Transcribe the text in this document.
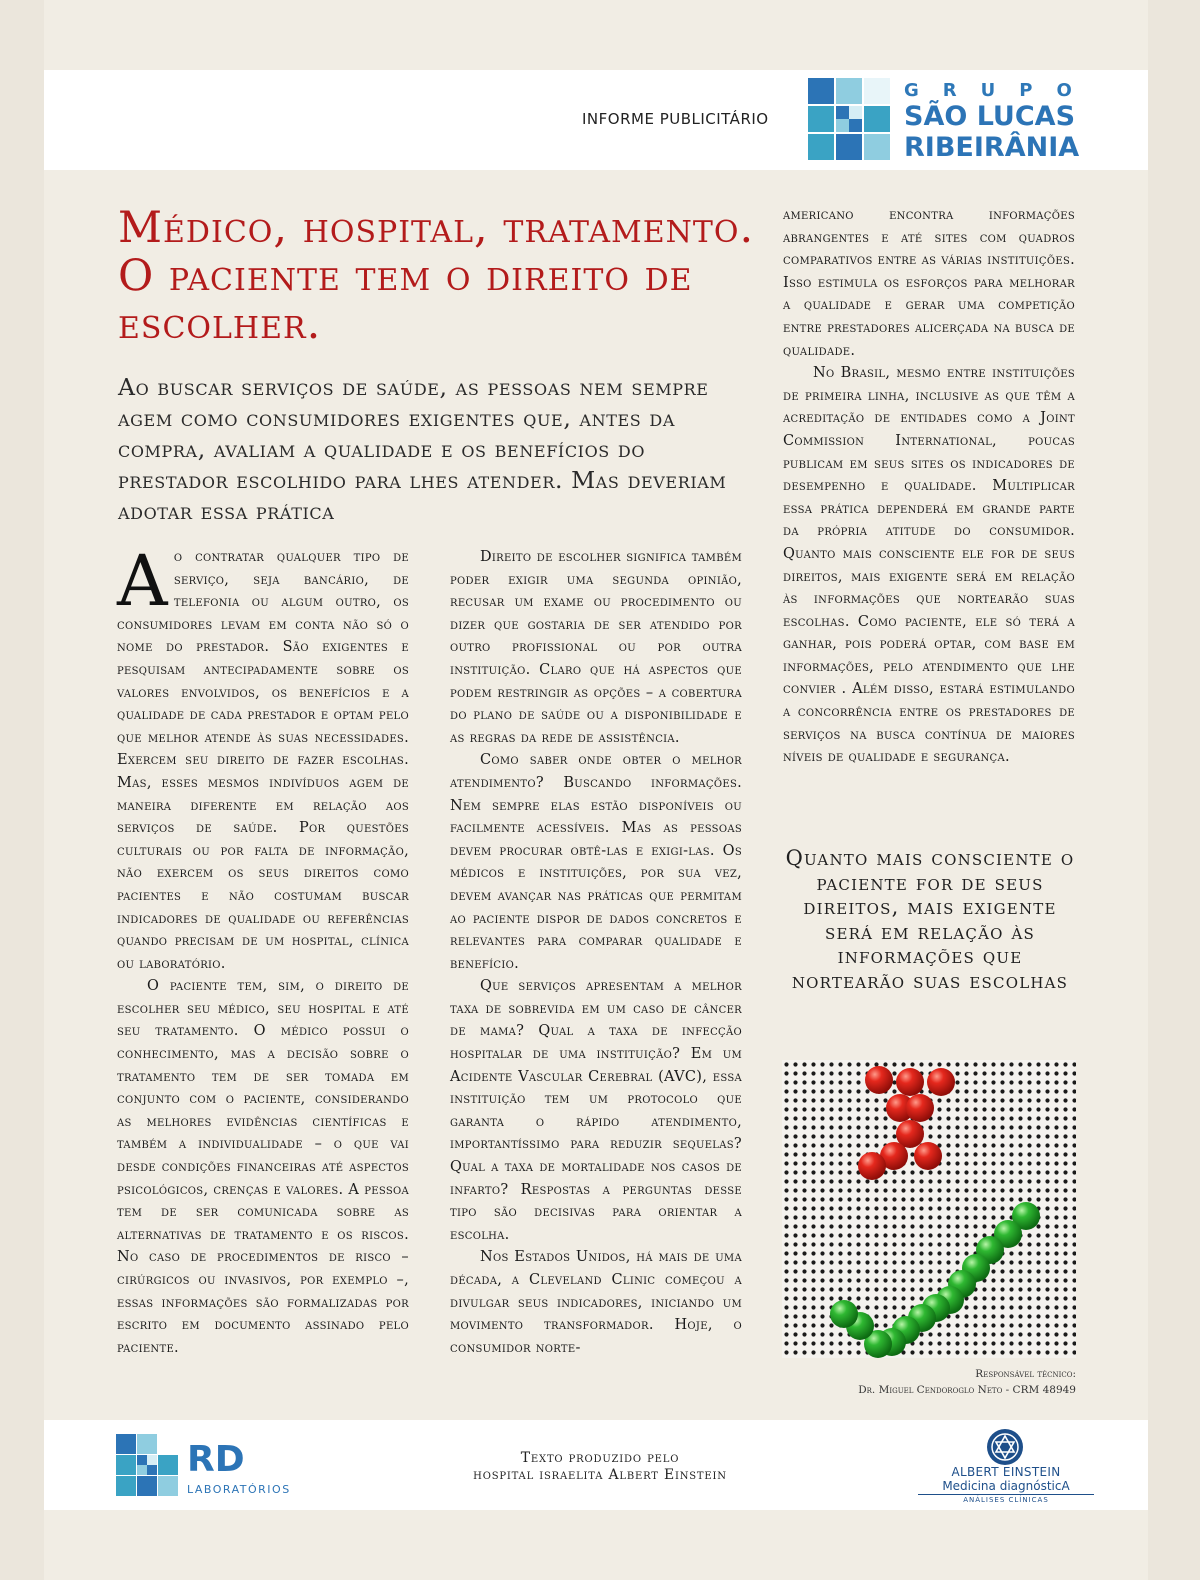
INFORME PUBLICITÁRIO
GRUPO
SÃO LUCAS
RIBEIRÂNIA
Médico, hospital, tratamento. O paciente tem o direito de escolher.

Ao buscar serviços de saúde, as pessoas nem sempre agem como consumidores exigentes que, antes da compra, avaliam a qualidade e os benefícios do prestador escolhido para lhes atender. Mas deveriam adotar essa prática

Ao contratar qualquer tipo de serviço, seja bancário, de telefonia ou algum outro, os consumidores levam em conta não só o nome do prestador. São exigentes e pesquisam antecipadamente sobre os valores envolvidos, os benefícios e a qualidade de cada prestador e optam pelo que melhor atende às suas necessidades. Exercem seu direito de fazer escolhas. Mas, esses mesmos indivíduos agem de maneira diferente em relação aos serviços de saúde. Por questões culturais ou por falta de informação, não exercem os seus direitos como pacientes e não costumam buscar indicadores de qualidade ou referências quando precisam de um hospital, clínica ou laboratório.

O paciente tem, sim, o direito de escolher seu médico, seu hospital e até seu tratamento. O médico possui o conhecimento, mas a decisão sobre o tratamento tem de ser tomada em conjunto com o paciente, considerando as melhores evidências científicas e também a individualidade – o que vai desde condições financeiras até aspectos psicológicos, crenças e valores. A pessoa tem de ser comunicada sobre as alternativas de tratamento e os riscos. No caso de procedimentos de risco – cirúrgicos ou invasivos, por exemplo –, essas informações são formalizadas por escrito em documento assinado pelo paciente.

Direito de escolher significa também poder exigir uma segunda opinião, recusar um exame ou procedimento ou dizer que gostaria de ser atendido por outro profissional ou por outra instituição. Claro que há aspectos que podem restringir as opções – a cobertura do plano de saúde ou a disponibilidade e as regras da rede de assistência.

Como saber onde obter o melhor atendimento? Buscando informações. Nem sempre elas estão disponíveis ou facilmente acessíveis. Mas as pessoas devem procurar obtê-las e exigi-las. Os médicos e instituições, por sua vez, devem avançar nas práticas que permitam ao paciente dispor de dados concretos e relevantes para comparar qualidade e benefício.

Que serviços apresentam a melhor taxa de sobrevida em um caso de câncer de mama? Qual a taxa de infecção hospitalar de uma instituição? Em um Acidente Vascular Cerebral (AVC), essa instituição tem um protocolo que garanta o rápido atendimento, importantíssimo para reduzir sequelas? Qual a taxa de mortalidade nos casos de infarto? Respostas a perguntas desse tipo são decisivas para orientar a escolha.

Nos Estados Unidos, há mais de uma década, a Cleveland Clinic começou a divulgar seus indicadores, iniciando um movimento transformador. Hoje, o consumidor norte-

americano encontra informações abrangentes e até sites com quadros comparativos entre as várias instituições. Isso estimula os esforços para melhorar a qualidade e gerar uma competição entre prestadores alicerçada na busca de qualidade.

No Brasil, mesmo entre instituições de primeira linha, inclusive as que têm a acreditação de entidades como a Joint Commission International, poucas publicam em seus sites os indicadores de desempenho e qualidade. Multiplicar essa prática dependerá em grande parte da própria atitude do consumidor. Quanto mais consciente ele for de seus direitos, mais exigente será em relação às informações que nortearão suas escolhas. Como paciente, ele só terá a ganhar, pois poderá optar, com base em informações, pelo atendimento que lhe convier . Além disso, estará estimulando a concorrência entre os prestadores de serviços na busca contínua de maiores níveis de qualidade e segurança.

Quanto mais consciente o paciente for de seus direitos, mais exigente será em relação às informações que nortearão suas escolhas
Responsável técnico:
Dr. Miguel Cendoroglo Neto - CRM 48949
RD
LABORATÓRIOS
Texto produzido pelo
hospital israelita Albert Einstein	ALBERT EINSTEIN
Medicina diagnósticA
ANÁLISES CLÍNICAS
